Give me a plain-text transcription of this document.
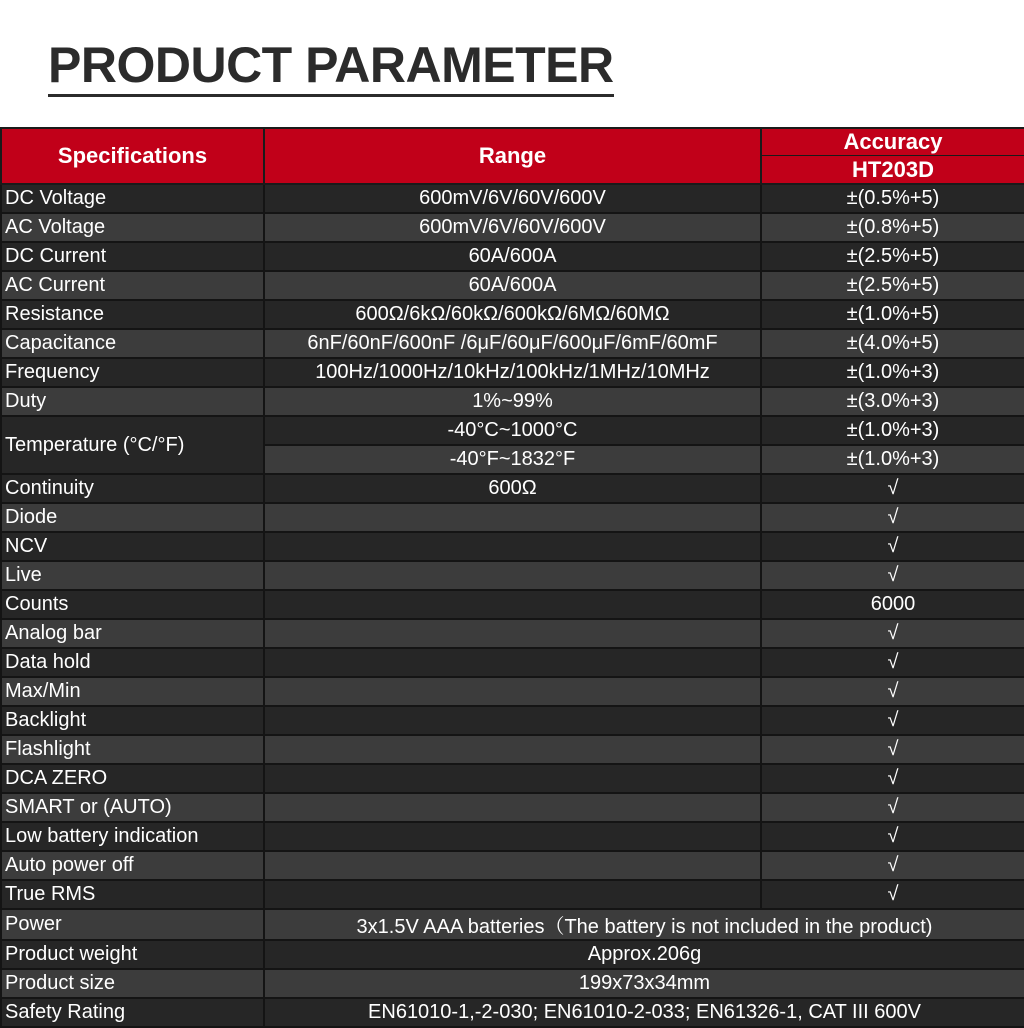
PRODUCT PARAMETER
Specifications	Range	Accuracy
		HT203D
DC Voltage	600mV/6V/60V/600V	±(0.5%+5)
AC Voltage	600mV/6V/60V/600V	±(0.8%+5)
DC Current	60A/600A	±(2.5%+5)
AC Current	60A/600A	±(2.5%+5)
Resistance	600Ω/6kΩ/60kΩ/600kΩ/6MΩ/60MΩ	±(1.0%+5)
Capacitance	6nF/60nF/600nF /6μF/60μF/600μF/6mF/60mF	±(4.0%+5)
Frequency	100Hz/1000Hz/10kHz/100kHz/1MHz/10MHz	±(1.0%+3)
Duty	1%~99%	±(3.0%+3)
Temperature (°C/°F)	-40°C~1000°C	±(1.0%+3)
	-40°F~1832°F	±(1.0%+3)
Continuity	600Ω	√
Diode		√
NCV		√
Live		√
Counts		6000
Analog bar		√
Data hold		√
Max/Min		√
Backlight		√
Flashlight		√
DCA ZERO		√
SMART or (AUTO)		√
Low battery indication		√
Auto power off		√
True RMS		√
Power	3x1.5V AAA batteries（The battery is not included in the product)	
Product weight	Approx.206g	
Product size	199x73x34mm	
Safety Rating	EN61010-1,-2-030; EN61010-2-033; EN61326-1, CAT III 600V	
